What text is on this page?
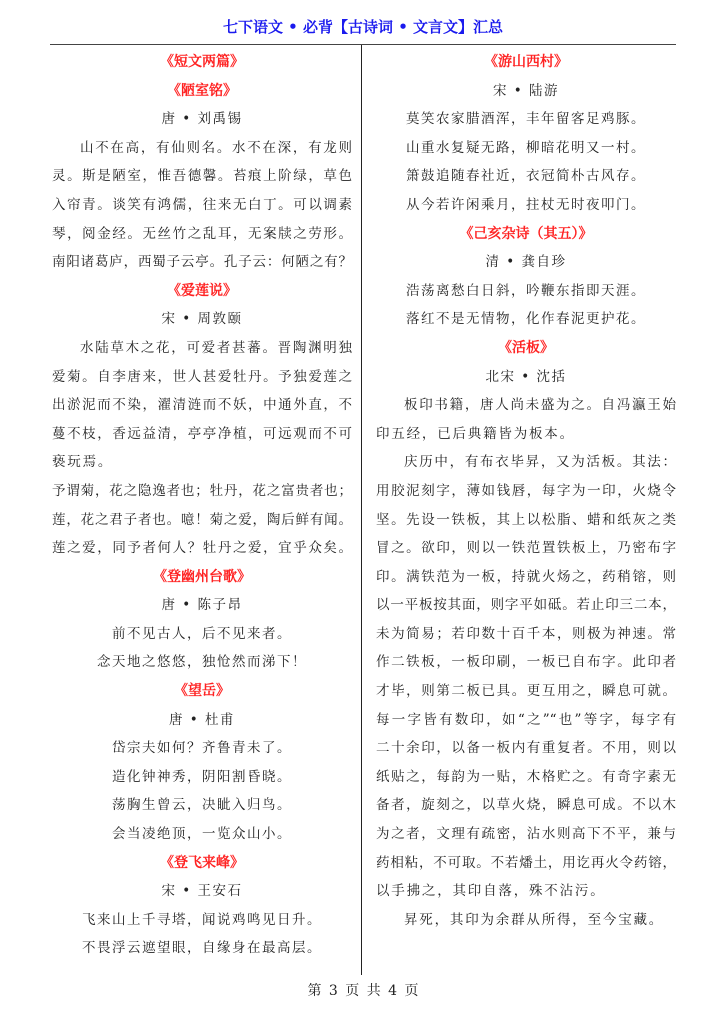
七下语文 • 必背【古诗词 • 文言文】汇总
《短文两篇》
《陋室铭》
唐 • 刘禹锡
山不在高，有仙则名。水不在深，有龙则
灵。斯是陋室，惟吾德馨。苔痕上阶绿，草色
入帘青。谈笑有鸿儒，往来无白丁。可以调素
琴，阅金经。无丝竹之乱耳，无案牍之劳形。
南阳诸葛庐，西蜀子云亭。孔子云：何陋之有？
《爱莲说》
宋 • 周敦颐
水陆草木之花，可爱者甚蕃。晋陶渊明独
爱菊。自李唐来，世人甚爱牡丹。予独爱莲之
出淤泥而不染，濯清涟而不妖，中通外直，不
蔓不枝，香远益清，亭亭净植，可远观而不可
亵玩焉。
予谓菊，花之隐逸者也；牡丹，花之富贵者也；
莲，花之君子者也。噫！菊之爱，陶后鲜有闻。
莲之爱，同予者何人？牡丹之爱，宜乎众矣。
《登幽州台歌》
唐 • 陈子昂
前不见古人，后不见来者。
念天地之悠悠，独怆然而涕下！
《望岳》
唐 • 杜甫
岱宗夫如何？齐鲁青未了。
造化钟神秀，阴阳割昏晓。
荡胸生曾云，决眦入归鸟。
会当凌绝顶，一览众山小。
《登飞来峰》
宋 • 王安石
飞来山上千寻塔，闻说鸡鸣见日升。
不畏浮云遮望眼，自缘身在最高层。
《游山西村》
宋 • 陆游
莫笑农家腊酒浑，丰年留客足鸡豚。
山重水复疑无路，柳暗花明又一村。
箫鼓追随春社近，衣冠简朴古风存。
从今若许闲乘月，拄杖无时夜叩门。
《己亥杂诗（其五）》
清 • 龚自珍
浩荡离愁白日斜，吟鞭东指即天涯。
落红不是无情物，化作春泥更护花。
《活板》
北宋 • 沈括
板印书籍，唐人尚未盛为之。自冯瀛王始
印五经，已后典籍皆为板本。
庆历中，有布衣毕昇，又为活板。其法：
用胶泥刻字，薄如钱唇，每字为一印，火烧令
坚。先设一铁板，其上以松脂、蜡和纸灰之类
冒之。欲印，则以一铁范置铁板上，乃密布字
印。满铁范为一板，持就火炀之，药稍镕，则
以一平板按其面，则字平如砥。若止印三二本，
未为简易；若印数十百千本，则极为神速。常
作二铁板，一板印刷，一板已自布字。此印者
才毕，则第二板已具。更互用之，瞬息可就。
每一字皆有数印，如“之”“也”等字，每字有
二十余印，以备一板内有重复者。不用，则以
纸贴之，每韵为一贴，木格贮之。有奇字素无
备者，旋刻之，以草火烧，瞬息可成。不以木
为之者，文理有疏密，沾水则高下不平，兼与
药相粘，不可取。不若燔土，用讫再火令药镕，
以手拂之，其印自落，殊不沾污。
昇死，其印为余群从所得，至今宝藏。
第 3 页 共 4 页
